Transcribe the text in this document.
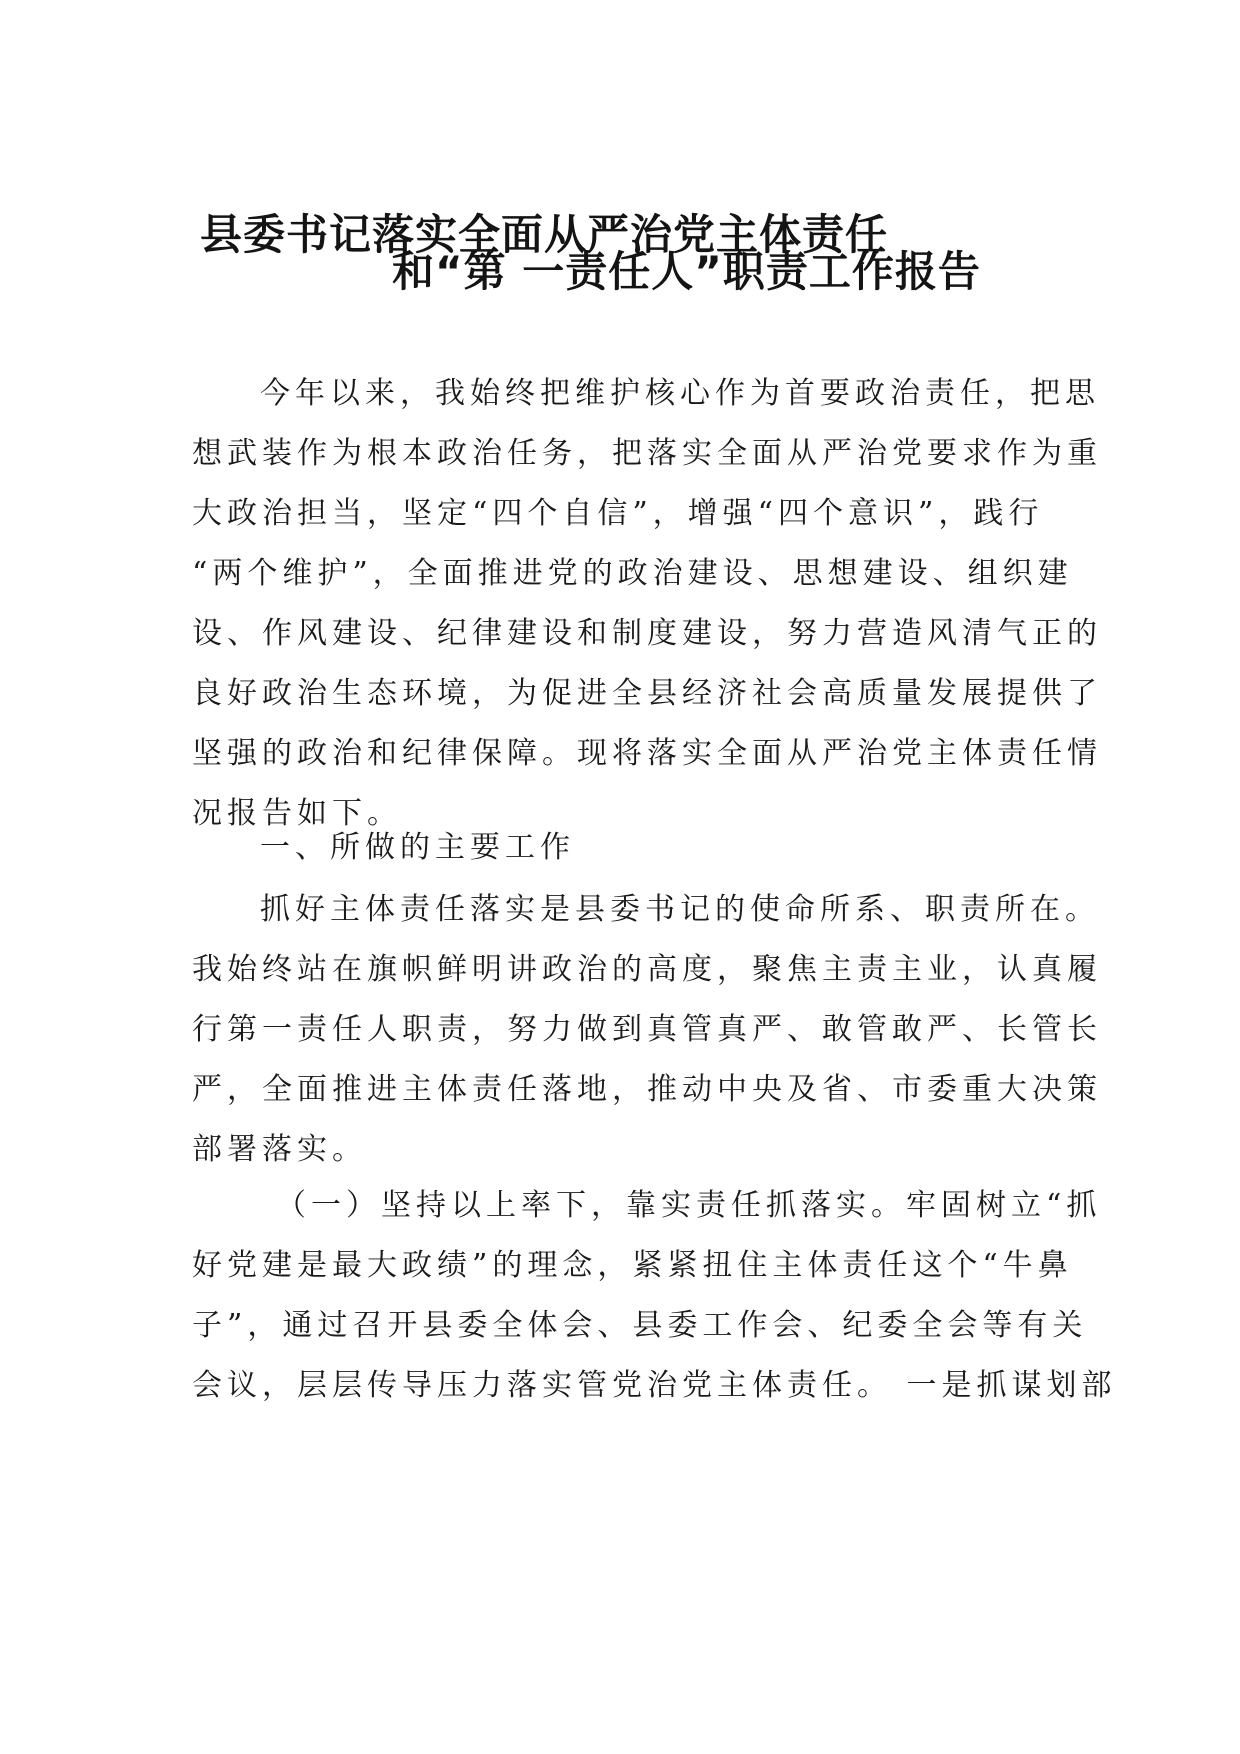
县委书记落实全面从严治党主体责任
和“第 一责任人”职责工作报告
今年以来，我始终把维护核心作为首要政治责任，把思
想武装作为根本政治任务，把落实全面从严治党要求作为重
大政治担当，坚定“四个自信”，增强“四个意识”，践行
“两个维护”，全面推进党的政治建设、思想建设、组织建
设、作风建设、纪律建设和制度建设，努力营造风清气正的
良好政治生态环境，为促进全县经济社会高质量发展提供了
坚强的政治和纪律保障。现将落实全面从严治党主体责任情
况报告如下。
一、所做的主要工作
抓好主体责任落实是县委书记的使命所系、职责所在。
我始终站在旗帜鲜明讲政治的高度，聚焦主责主业，认真履
行第一责任人职责，努力做到真管真严、敢管敢严、长管长
严，全面推进主体责任落地，推动中央及省、市委重大决策
部署落实。
（一）坚持以上率下，靠实责任抓落实。牢固树立“抓
好党建是最大政绩”的理念，紧紧扭住主体责任这个“牛鼻
子”，通过召开县委全体会、县委工作会、纪委全会等有关
会议，层层传导压力落实管党治党主体责任。 一是抓谋划部
